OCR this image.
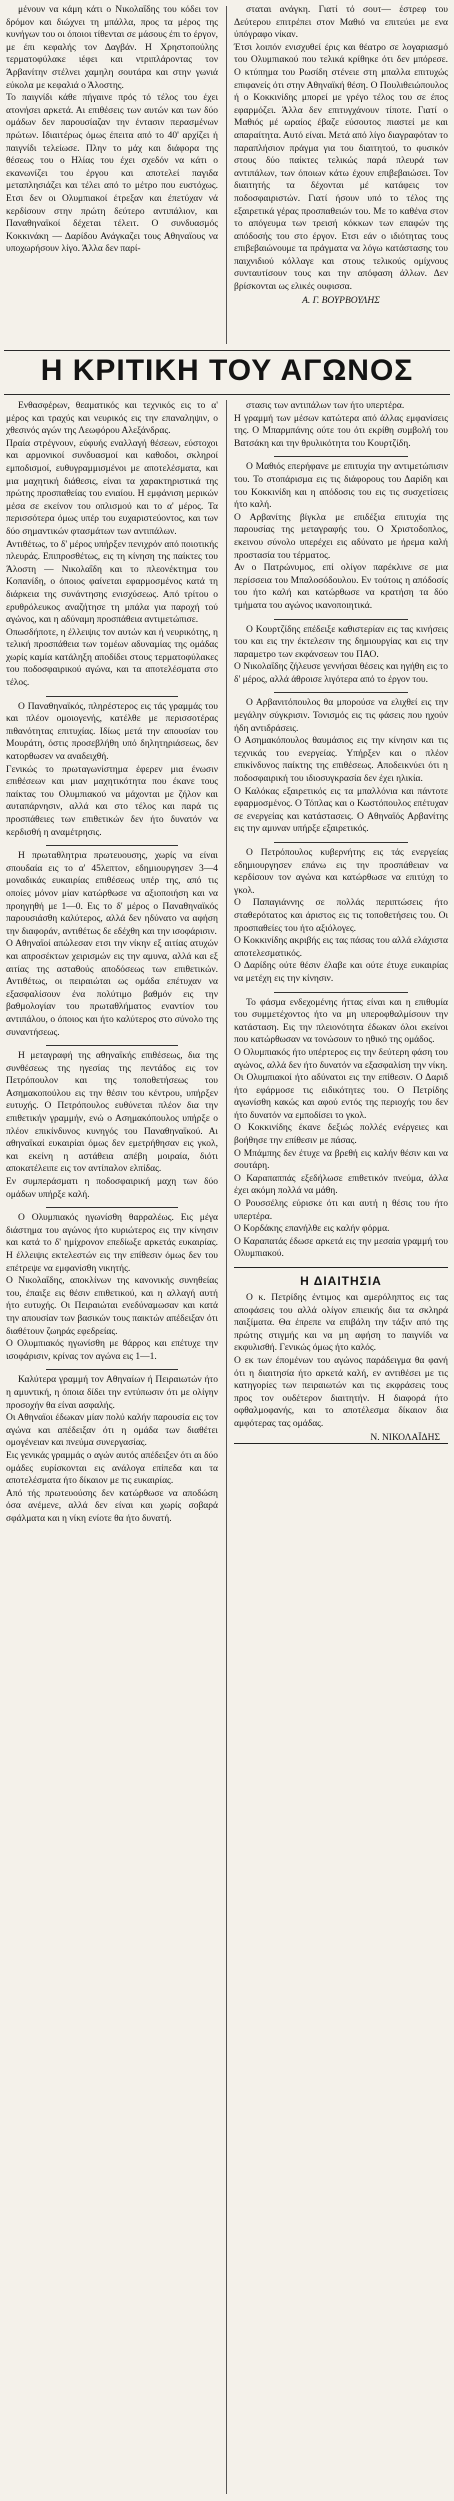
μένουν να κάμη κάτι ο Νικολαΐδης του κόδει τον δρόμον και διώχνει τη μπάλλα, προς τα μέρος της κυνήγων του οι όποιοι τίθενται σε μάσους έπι το έργον, με έπι κεφαλής τον Δαγβάν. Η Χρηστοπούλης τερματοφύλακε ιέφει και ντριπλάροντας τον Άρβανίτην στέλνει χαμηλη σουτάρα και στην γωνιά εύκολα με κεφαλιά ο Άλοστης.
Το παιγνίδι κάθε πήγαινε πρός τό τέλος του έχει ατονήσει αρκετά. Αι επιθέσεις των αυτών και των δύο ομάδων δεν παρουσίαζαν την έντασιν περασμένων πρώτων. Ιδιαιτέρως όμως έπειτα από το 40' αρχίζει ή παιγνίδι τελείωσε. Πλην το μάχ και διάφορα της θέσεως του ο Ηλίας του έχει σχεδόν να κάτι ο εκανωνίζει του έργου και αποτελεί παγιδα μεταπλησιάζει και τέλει από το μέτρο που ευστόχως. Ετσι δεν οι Ολυμπιακοί έτρεξαν και έπετύχαν νά κερδίσουν στην πρώτη δεύτερο αντιπάλιον, και Παναθηναϊκοί δέχεται τέλειτ. Ο συνδυασμός Κοκκινάκη — Δαρίδου Ανάγκαζει τους Αθηναϊους να υποχωρήσουν λίγο. Άλλα δεν παρί-

σταται ανάγκη. Γιατί τό σουτ— έστρεφ του Δεύτερου επιτρέπει στον Μαθιό να επιτεύει με ενα ύπόγραφο νίκαν.
Έτσι λοιπόν ενισχυθεί έρις και θέατρο σε λογαριασμό του Ολυμπιακού που τελικά κρίθηκε ότι δεν μπόρεσε. Ο κτύπημα του Ρωσίδη στένειε στη μπαλλα επιτυχώς επιφανείς ότι στην Αθηναϊκή θέση. Ο Πουλιθειώπουλος ή ο Κοκκινίδης μπορεί με γρέγο τέλος του σε έπος εφαρμόζει. Άλλα δεν επιτυγχάνουν τίποτε. Γιατί ο Μαθιός μέ ωραίος έβαζε εύσουτος πιαστεί με και απαραίτητα. Αυτό είναι. Μετά από λίγο διαγραφόταν το παραπλήσιον πράγμα για του διαιτητού, το φυσικόν στους δύο παίκτες τελικώς παρά πλευρά των αντιπάλων, των όποιων κάτω έχουν επιβεβαιώσει. Τον διαιτητής τα δέχονται μέ κατάφεις τον ποδοσφαιριστών. Γιατί ήσουν υπό το τέλος της εξαιρετικά γέρας προσπαθειών του. Με το καθένα στον το απόγευμα των τρεισή κόκκων των επαφών της απόδοσής του στο έργον. Ετσι εάν ο ιδιότητας τους επιβεβαιώνουμε τα πράγματα να λόγω κατάστασης του παιχνιδιού κόλλαγε και στους τελικούς ομίχνους συνταυτίσουν τους και την απόφαση άλλων. Δεν βρίσκονται ως ελικές ουφισσα.

Α. Γ. ΒΟΥΡΒΟΥΛΗΣ
Η ΚΡΙΤΙΚΗ ΤΟΥ ΑΓΩΝΟΣ

Ενθασφέρων, θεαματικός και τεχνικός εις το α' μέρος και τραχύς και νευρικός εις την επαναληψιν, ο χθεσινός αγών της Λεωφόρου Αλεξάνδρας.
Πραία στρέγνουν, εύφυής εναλλαγή θέσεων, εύστοχοι και αρμονικοί συνδυασμοί και καθοδοι, σκληροί εμποδισμοί, ευθυγραμμισμένοι με αποτελέσματα, και μια μαχητική διάθεσις, είναι τα χαρακτηριστικά της πρώτης προσπαθείας του ενιαίου. Η εμφάνιση μερικών μέσα σε εκείνον του οπλισμού και το α' μέρος. Τα περισσότερα όμως υπέρ του ευχαριστεύοντος, και των δύο σημαντικών φτασμάτων των αντιπάλων.
Αντιθέτως, το δ' μέρος υπήρξεν πενιχρόν από ποιοτικής πλευράς. Επιπροσθέτως, εις τη κίνηση της παίκτες του Άλοστη — Νικολαΐδη και το πλεονέκτημα του Κοπανίδη, ο όποιος φαίνεται εφαρμοσμένος κατά τη διάρκεια της συνάντησης ενισχύσεως. Από τρίτου ο ερυθρόλευκος αναζήτησε τη μπάλα για παροχή τού αγώνος, και η αδύναμη προσπάθεια αντιμετώπισε.
Οπωσδήποτε, η έλλειψις τον αυτών και ή νευρικότης, η τελική προσπάθεια των τομέων αδυναμίας της ομάδας χωρίς καμία κατάληξη αποδίδει στους τερματοφύλακες του ποδοσφαιρικού αγώνα, και τα αποτελέσματα στο τέλος.

Ο Παναθηναϊκός, πληρέστερος εις τάς γραμμάς του και πλέον ομοιογενής, κατέλθε με περισσοτέρας πιθανότητας επιτυχίας. Ιδίως μετά την απουσίαν του Μουράτη, όστις προσεβλήθη υπό δηλητηριάσεως, δεν κατορθωσεν να αναδειχθή.
Γενικώς το πρωταγωνίστημα έφερεν μια ένωσιν επιθέσεων και μιαν μαχητικότητα που έκανε τους παίκτας του Ολυμπιακού να μάχονται με ζήλον και αυταπάρνησιν, αλλά και στο τέλος και παρά τις προσπάθειες των επιθετικών δεν ήτο δυνατόν να κερδισθή η αναμέτρησις.

Η πρωταθλητρια πρωτευουσης, χωρίς να είναι σπουδαία εις το α' 45λεπτον, εδημιουργησεν 3—4 μοναδικάς ευκαιρίας επιθέσεως υπέρ της, από τις οποίες μόνον μίαν κατώρθωσε να αξιοποιήση και να προηγηθή με 1—0. Εις το δ' μέρος ο Παναθηναϊκός παρουσιάσθη καλύτερος, αλλά δεν ηδύνατο να αφήση την διαφοράν, αντιθέτως δε εδέχθη και την ισοφάρισιν.
Ο Αθηναϊοί απώλεσαν ετσι την νίκην εξ αιτίας ατυχών και απροσέκτων χειρισμών εις την αμυνα, αλλά και εξ αιτίας της ασταθούς αποδόσεως των επιθετικών. Αντιθέτως, οι πειραιώται ως ομάδα επέτυχαν να εξασφαλίσουν ένα πολύτιμο βαθμόν εις την βαθμολογίαν του πρωταθλήματος εναντίον του αντιπάλου, ο όποιος και ήτο καλύτερος στο σύνολο της συναντήσεως.

Η μεταγραφή της αθηναϊκής επιθέσεως, δια της συνθέσεως της ηγεσίας της πεντάδος εις τον Πετρόπουλον και της τοποθετήσεως του Ασημακοπούλου εις την θέσιν του κέντρου, υπήρξεν ευτυχής. Ο Πετρόπουλος ευθύνεται πλέον δια την επιθετικήν γραμμήν, ενώ ο Ασημακόπουλος υπήρξε ο πλέον επικίνδυνος κυνηγός του Παναθηναϊκού. Αι αθηναϊκαί ευκαιρίαι όμως δεν εμετρήθησαν εις γκολ, και εκείνη η αστάθεια απέβη μοιραία, διότι αποκατέλειπε εις τον αντίπαλον ελπίδας.
Εν συμπεράσματι η ποδοσφαιρική μαχη των δύο ομάδων υπήρξε καλή.

Ο Ολυμπιακός ηγωνίσθη θαρραλέως. Εις μέγα διάστημα του αγώνος ήτο κυριώτερος εις την κίνησιν και κατά το δ' ημίχρονον επεδίωξε αρκετάς ευκαιρίας. Η έλλειψις εκτελεστών εις την επίθεσιν όμως δεν του επέτρεψε να εμφανίσθη νικητής.
Ο Νικολαΐδης, αποκλίνων της κανονικής συνηθείας του, έπαιξε εις θέσιν επιθετικού, και η αλλαγή αυτή ήτο ευτυχής. Οι Πειραιώται ενεδύναμωσαν και κατά την απουσίαν των βασικών τους παικτών απέδειξαν ότι διαθέτουν ζωηράς εφεδρείας.
Ο Ολυμπιακός ηγωνίσθη με θάρρος και επέτυχε την ισοφάρισιν, κρίνας τον αγώνα εις 1—1.

Καλύτερα γραμμή τον Αθηναίων ή Πειραιωτών ήτο η αμυντική, η όποια δίδει την εντύπωσιν ότι με ολίγην προσοχήν θα είναι ασφαλής.
Οι Αθηναϊοι έδωκαν μίαν πολύ καλήν παρουσία εις τον αγώνα και απέδειξαν ότι η ομάδα των διαθέτει ομογένειαν και πνεύμα συνεργασίας.
Εις γενικάς γραμμάς ο αγών αυτός απέδειξεν ότι αι δύο ομάδες ευρίσκονται εις ανάλογα επίπεδα και τα αποτελέσματα ήτο δίκαιον με τις ευκαιρίας.
Από τής πρωτευούσης δεν κατώρθωσε να αποδώση όσα ανέμενε, αλλά δεν είναι και χωρίς σοβαρά σφάλματα και η νίκη ενίοτε θα ήτο δυνατή.

στασις των αντιπάλων των ήτο υπερτέρα.
Η γραμμή των μέσων κατώτερα από άλλας εμφανίσεις της. Ο Μπαρμπάνης ούτε του ότι εκρίθη συμβολή του Βατσάκη και την θρυλικότητα του Κουρτζίδη.

Ο Μαθιός επερήφανε με επιτυχία την αντιμετώπισιν του. Το στοπάρισμα εις τις διάφορους του Δαρίδη και του Κοκκινίδη και η απόδοσις του εις τις συσχετίσεις ήτο καλή.
Ο Αρβανίτης βίγκλα με επιδέξια επιτυχία της παρουσίας της μεταγραφής του. Ο Χριστοδοπλος, εκεινου σύνολο υπερέχει εις αδύνατο με ήρεμα καλή προστασία του τέρματος.
Αν ο Πατρώνυμος, επί ολίγον παρέκλινε σε μια περίσσεια του Μπαλοσόδουλου. Εν τούτοις η απόδοσίς του ήτο καλή και κατώρθωσε να κρατήση τα δύο τμήματα του αγώνος ικανοποιητικά.

Ο Κουρτζίδης επέδειξε καθιστερίαν εις τας κινήσεις του και εις την έκτελεσιν της δημιουργίας και εις την παραμετρο των εκφάνσεων του ΠΑΟ.
Ο Νικολαΐδης ζήλευσε γεννήσαι θέσεις και ηγήθη εις το δ' μέρος, αλλά άθροισε λιγότερα από το έργον του.

Ο Αρβανιτόπουλος θα μπορούσε να ελιχθεί εις την μεγάλην σύγκρισιν. Τονισμός εις τις φάσεις που ηχούν ήδη αντιδράσεις.
Ο Ασημακόπουλος θαυμάσιος εις την κίνησιν και τις τεχνικάς του ενεργείας. Υπήρξεν και ο πλέον επικίνδυνος παίκτης της επιθέσεως. Αποδεικνύει ότι η ποδοσφαιρική του ιδιοσυγκρασία δεν έχει ηλικία.
Ο Καλόκας εξαιρετικός εις τα μπαλλόνια και πάντοτε εφαρμοσμένος. Ο Τόπλας και ο Κωστόπουλος επέτυχαν σε ενεργείας και κατάστασεις. Ο Αθηναϊός Αρβανίτης εις την αμυναν υπήρξε εξαιρετικός.

Ο Πετρόπουλος κυβερνήτης εις τάς ενεργείας εδημιουργησεν επάνω εις την προσπάθειαν να κερδίσουν τον αγώνα και κατώρθωσε να επιτύχη το γκολ.
Ο Παπαγιάννης σε πολλάς περιπτώσεις ήτο σταθερότατος και άριστος εις τις τοποθετήσεις του. Οι προσπαθείες του ήτο αξιόλογες.
Ο Κοκκινίδης ακριβής εις τας πάσας του αλλά ελάχιστα αποτελεσματικός.
Ο Δαρίδης ούτε θέσιν έλαβε και ούτε έτυχε ευκαιρίας να μετέχη εις την κίνησιν.

Το φάσμα ενδεχομένης ήττας είναι και η επιθυμία του συμμετέχοντος ήτο να μη υπεροφθαλμίσουν την κατάσταση. Εις την πλειονότητα έδωκαν όλοι εκείνοι που κατώρθωσαν να τονώσουν το ηθικό της ομάδος.
Ο Ολυμπιακός ήτο υπέρτερος εις την δεύτερη φάση του αγώνος, αλλά δεν ήτο δυνατόν να εξασφαλίση την νίκη.
Οι Ολυμπιακοί ήτο αδύνατοι εις την επίθεσιν. Ο Δαριδ ήτο εφάρμοσε τις ειδικότητες του. Ο Πετρίδης αγωνίσθη κακώς και αφού εντός της περιοχής του δεν ήτο δυνατόν να εμποδίσει το γκολ.
Ο Κοκκινίδης έκανε δεξιώς πολλές ενέργειες και βοήθησε την επίθεσιν με πάσας.
Ο Μπάμπης δεν έτυχε να βρεθή εις καλήν θέσιν και να σουτάρη.
Ο Καραπαππάς εξεδήλωσε επιθετικόν πνεύμα, άλλα έχει ακόμη πολλά να μάθη.
Ο Ρουσσέλης εύρισκε ότι και αυτή η θέσις του ήτο υπερτέρα.
Ο Κορδάκης επανήλθε εις καλήν φόρμα.
Ο Καραπατάς έδωσε αρκετά εις την μεσαία γραμμή του Ολυμπιακού.

Η ΔΙΑΙΤΗΣΙΑ

Ο κ. Πετρίδης έντιμος και αμερόληπτος εις τας αποφάσεις του αλλά ολίγον επιεικής δια τα σκληρά παιξίματα. Θα έπρεπε να επιβάλη την τάξιν από της πρώτης στιγμής και να μη αφήση το παιγνίδι να εκφυλισθή. Γενικώς όμως ήτο καλός.
Ο εκ των έπομένων του αγώνος παράδειγμα θα φανή ότι η διαιτησία ήτο αρκετά καλή, εν αντιθέσει με τις κατηγορίες των πειραιωτών και τις εκφράσεις τους προς τον ουδέτερον διαιτητήν. Η διαφορά ήτο οφθαλμοφανής, και το αποτέλεσμα δίκαιον δια αμφότερας τας ομάδας.

Ν. ΝΙΚΟΛΑΪΔΗΣ
